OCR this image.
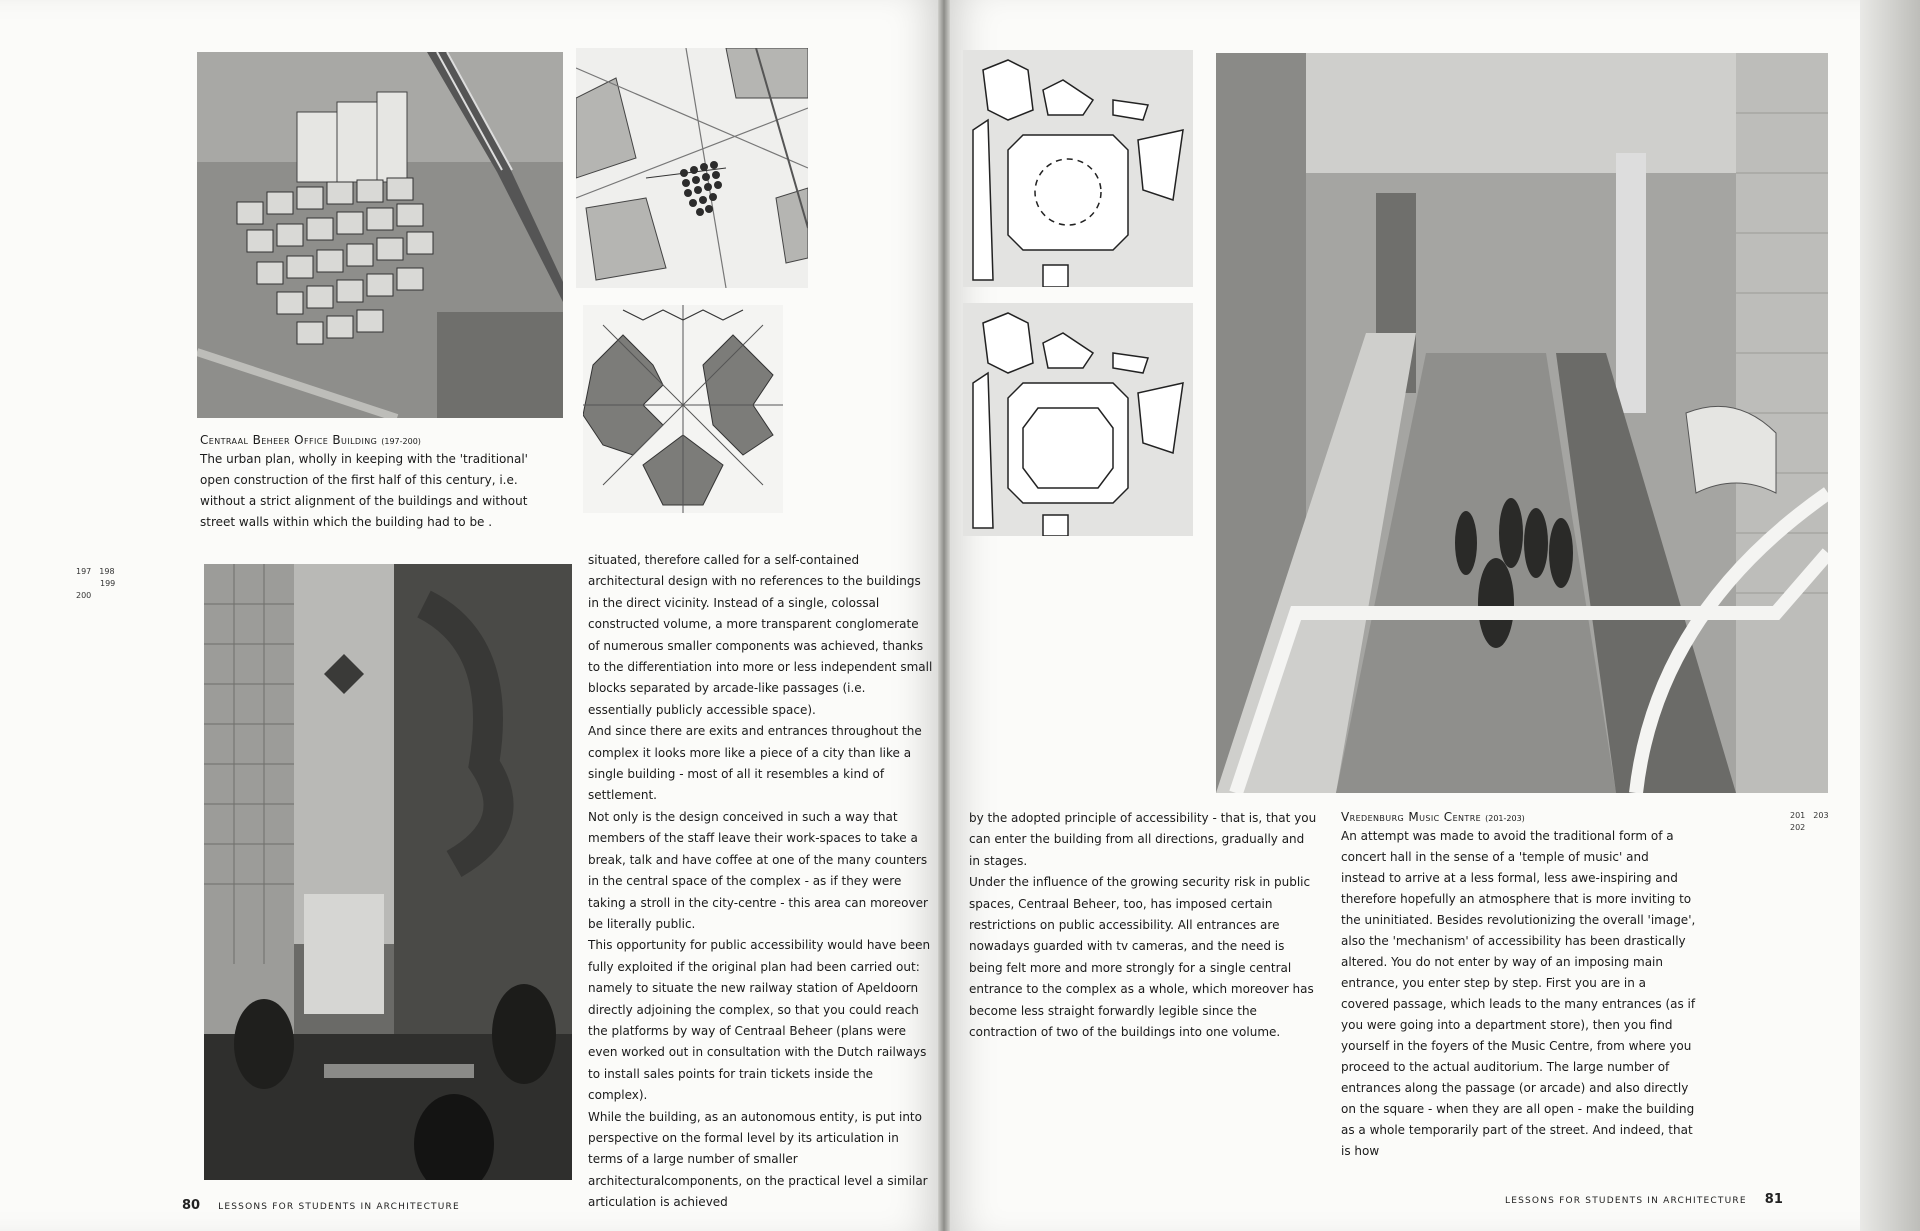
Centraal Beheer Office Building (197-200)

The urban plan, wholly in keeping with the 'traditional' open construction of the first half of this century, i.e. without a strict alignment of the buildings and without street walls within which the building had to be .

197 198
199
200

situated, therefore called for a self-contained architectural design with no references to the buildings in the direct vicinity. Instead of a single, colossal constructed volume, a more transparent conglomerate of numerous smaller components was achieved, thanks to the differentiation into more or less independent small blocks separated by arcade-like passages (i.e. essentially publicly accessible space).

And since there are exits and entrances throughout the complex it looks more like a piece of a city than like a single building - most of all it resembles a kind of settlement.

Not only is the design conceived in such a way that members of the staff leave their work-spaces to take a break, talk and have coffee at one of the many counters in the central space of the complex - as if they were taking a stroll in the city-centre - this area can moreover be literally public.

This opportunity for public accessibility would have been fully exploited if the original plan had been carried out: namely to situate the new railway station of Apeldoorn directly adjoining the complex, so that you could reach the platforms by way of Centraal Beheer (plans were even worked out in consultation with the Dutch railways to install sales points for train tickets inside the complex).

While the building, as an autonomous entity, is put into perspective on the formal level by its articulation in terms of a large number of smaller architecturalcomponents, on the practical level a similar articulation is achieved

80 LESSONS FOR STUDENTS IN ARCHITECTURE

by the adopted principle of accessibility - that is, that you can enter the building from all directions, gradually and in stages.

Under the influence of the growing security risk in public spaces, Centraal Beheer, too, has imposed certain restrictions on public accessibility. All entrances are nowadays guarded with tv cameras, and the need is being felt more and more strongly for a single central entrance to the complex as a whole, which moreover has become less straight forwardly legible since the contraction of two of the buildings into one volume.

Vredenburg Music Centre (201-203)

An attempt was made to avoid the traditional form of a concert hall in the sense of a 'temple of music' and instead to arrive at a less formal, less awe-inspiring and therefore hopefully an atmosphere that is more inviting to the uninitiated. Besides revolutionizing the overall 'image', also the 'mechanism' of accessibility has been drastically altered. You do not enter by way of an imposing main entrance, you enter step by step. First you are in a covered passage, which leads to the many entrances (as if you were going into a department store), then you find yourself in the foyers of the Music Centre, from where you proceed to the actual auditorium. The large number of entrances along the passage (or arcade) and also directly on the square - when they are all open - make the building as a whole temporarily part of the street. And indeed, that is how

201 203
202
LESSONS FOR STUDENTS IN ARCHITECTURE 81
